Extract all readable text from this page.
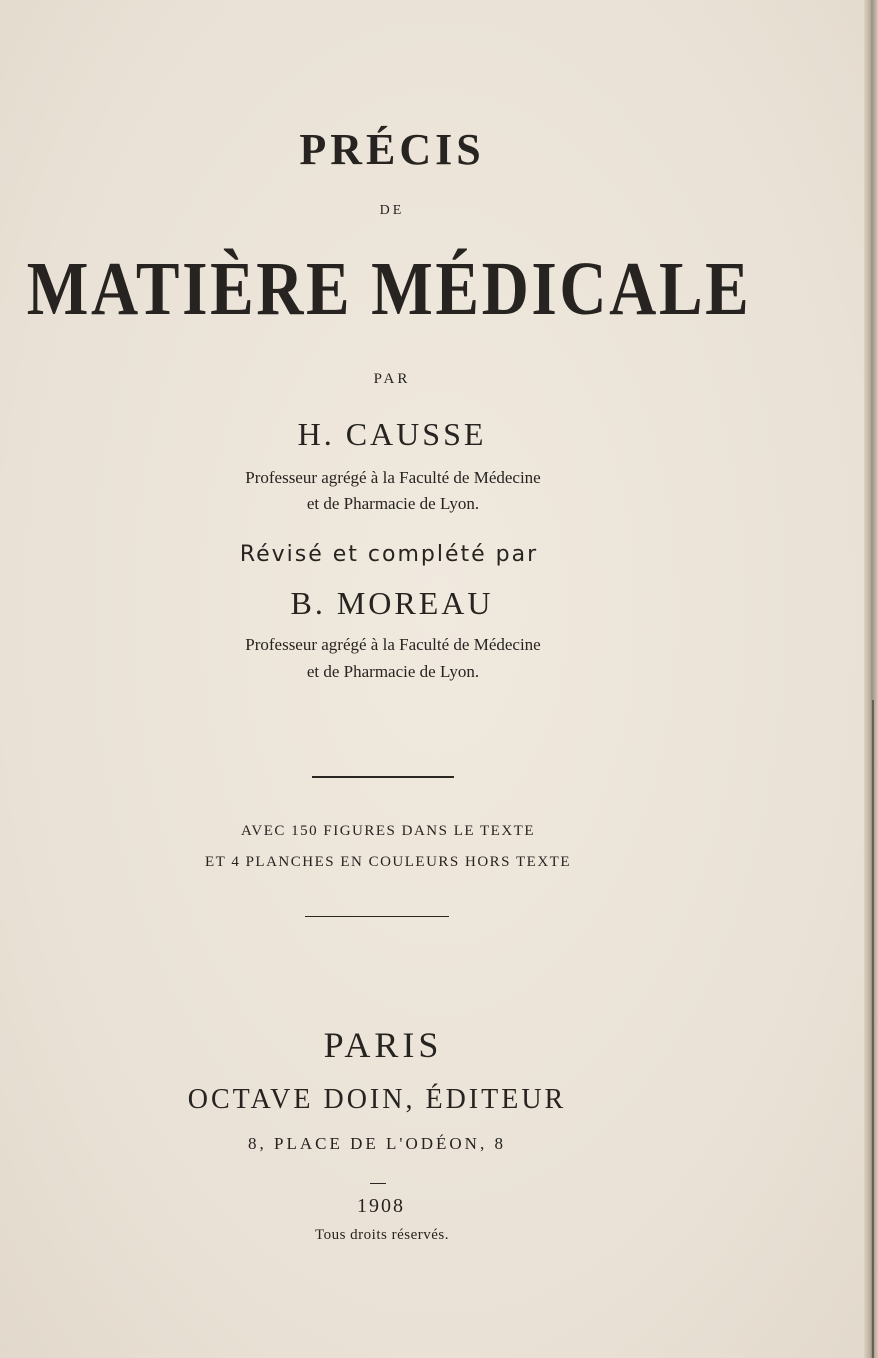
PRÉCIS
DE
MATIÈRE MÉDICALE
PAR
H. CAUSSE
Professeur agrégé à la Faculté de Médecine
et de Pharmacie de Lyon.
Révisé et complété par
B. MOREAU
Professeur agrégé à la Faculté de Médecine
et de Pharmacie de Lyon.
AVEC 150 FIGURES DANS LE TEXTE
ET 4 PLANCHES EN COULEURS HORS TEXTE
PARIS
OCTAVE DOIN, ÉDITEUR
8, PLACE DE L'ODÉON, 8
1908
Tous droits réservés.
